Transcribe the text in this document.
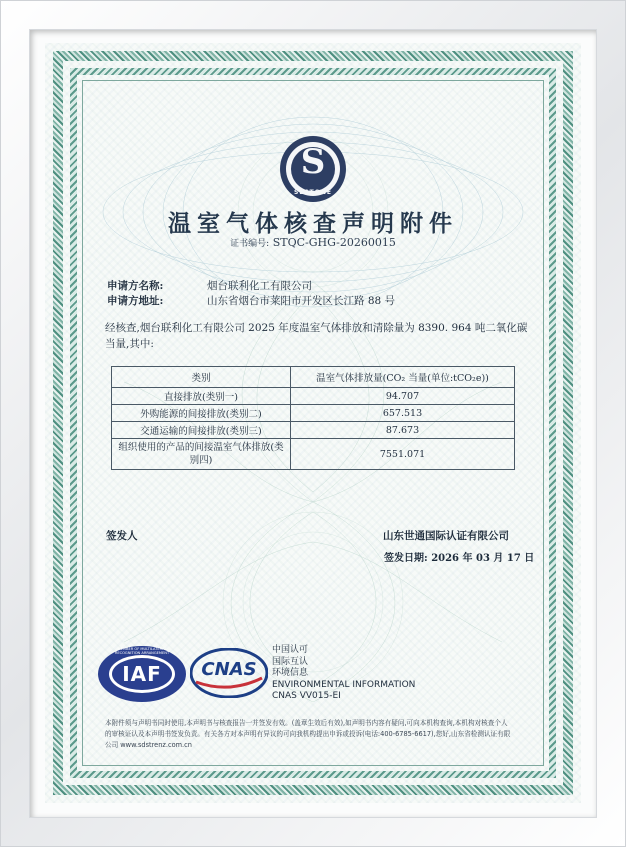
S
SEATONE
温室气体核查声明附件
证书编号: STQC-GHG-20260015
申请方名称:	烟台联利化工有限公司
申请方地址:	山东省烟台市莱阳市开发区长江路 88 号
经核查,烟台联利化工有限公司 2025 年度温室气体排放和清除量为 8390. 964 吨二氧化碳当量,其中:
类别	温室气体排放量(CO₂ 当量(单位:tCO₂e))
直接排放(类别一)	94.707
外购能源的间接排放(类别二)	657.513
交通运输的间接排放(类别三)	87.673
组织使用的产品的间接温室气体排放(类别四)	7551.071
签发人	山东世通国际认证有限公司
签发日期: 2026 年 03 月 17 日
IAF
MEMBER OF MULTILATERAL RECOGNITION ARRANGEMENT
CNAS
中国认可
国际互认
环境信息
ENVIRONMENTAL INFORMATION
CNAS VV015-EI
本附件须与声明书同时使用,本声明书与核查报告一并签发有效。(盖章生效后有效),如声明书内容有疑问,可向本机构查询,本机构对核查个人
的审核证认及本声明书签发负责。有关各方对本声明有异议的可向我机构提出申诉或投诉(电话:400-6785-6617),您好,山东省检测认证有限
公司 www.sdstrenz.com.cn
